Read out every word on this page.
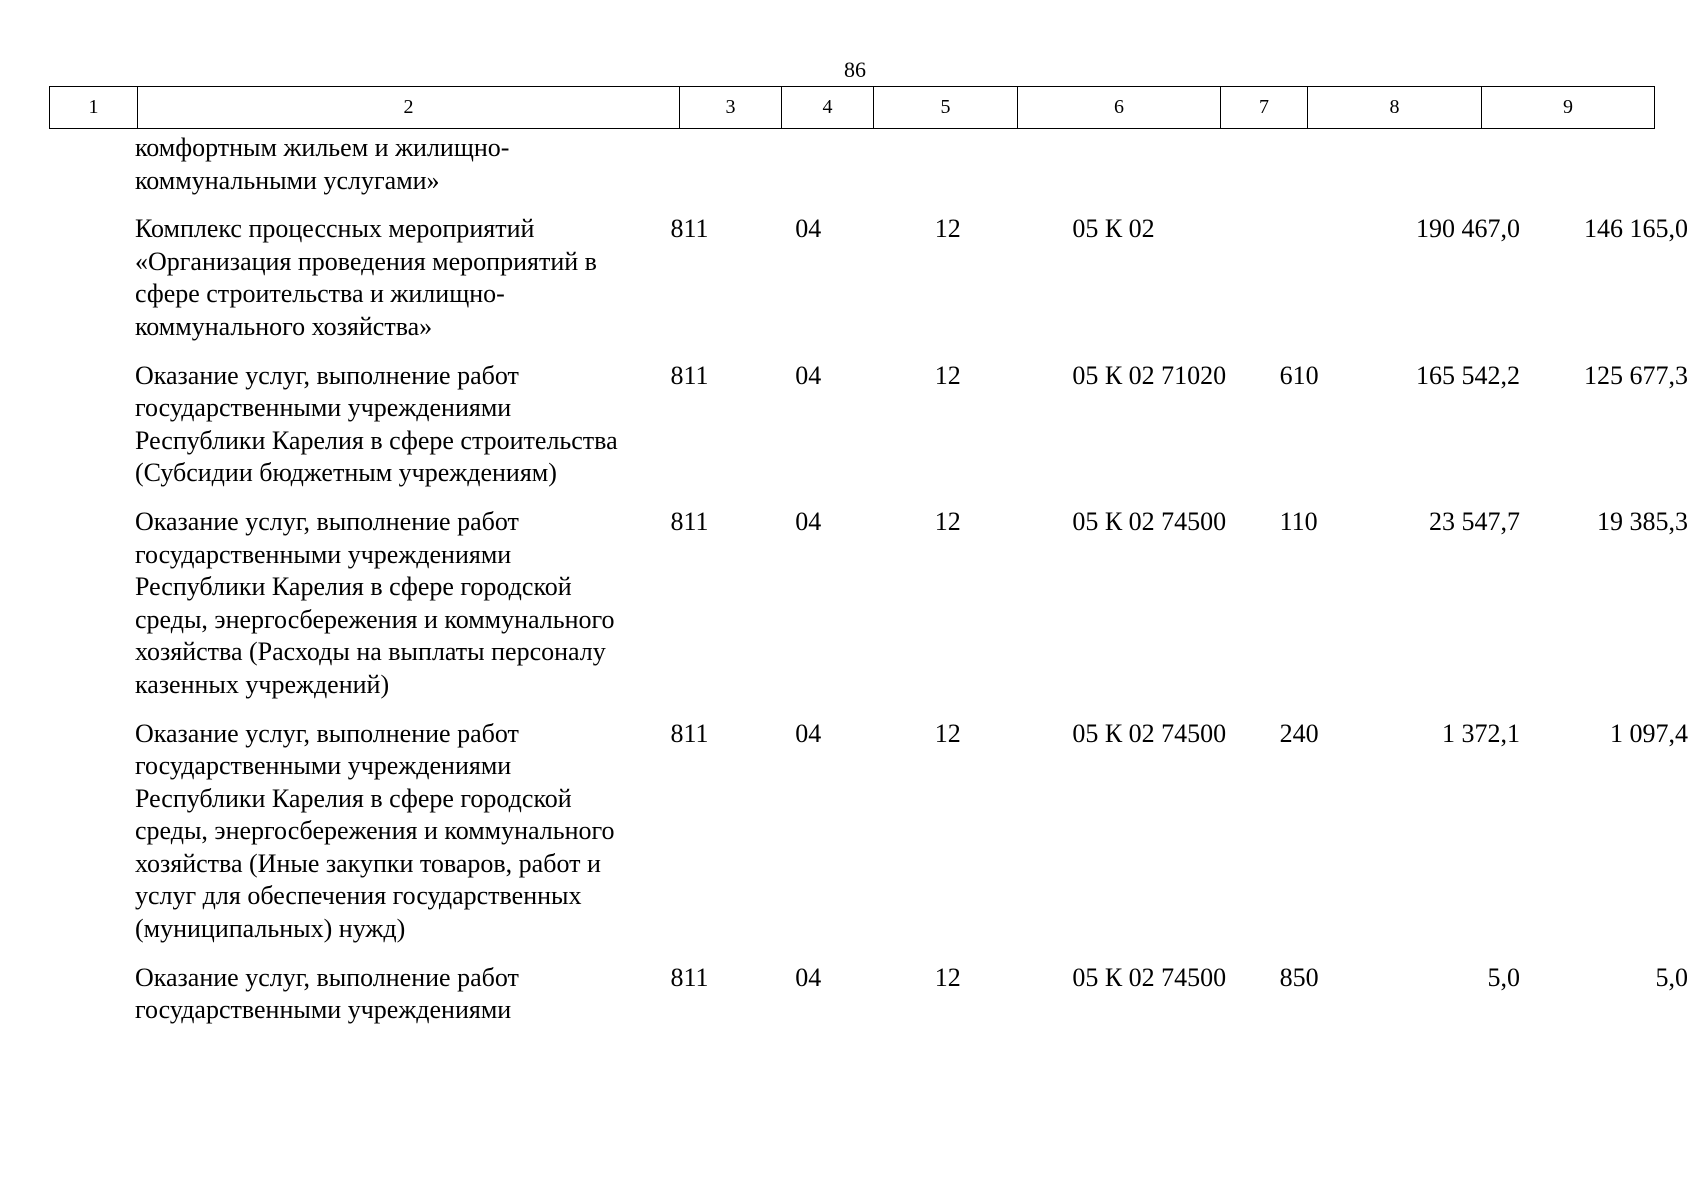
86
1	2	3	4	5	6	7	8	9
	комфортным жильем и жилищно-коммунальными услугами»							
	Комплекс процессных мероприятий «Организация проведения мероприятий в сфере строительства и жилищно-коммунального хозяйства»	811	04	12	05 К 02		190 467,0	146 165,0
	Оказание услуг, выполнение работ государственными учреждениями Республики Карелия в сфере строительства (Субсидии бюджетным учреждениям)	811	04	12	05 К 02 71020	610	165 542,2	125 677,3
	Оказание услуг, выполнение работ государственными учреждениями Республики Карелия в сфере городской среды, энергосбережения и коммунального хозяйства (Расходы на выплаты персоналу казенных учреждений)	811	04	12	05 К 02 74500	110	23 547,7	19 385,3
	Оказание услуг, выполнение работ государственными учреждениями Республики Карелия в сфере городской среды, энергосбережения и коммунального хозяйства (Иные закупки товаров, работ и услуг для обеспечения государственных (муниципальных) нужд)	811	04	12	05 К 02 74500	240	1 372,1	1 097,4
	Оказание услуг, выполнение работ государственными учреждениями	811	04	12	05 К 02 74500	850	5,0	5,0
